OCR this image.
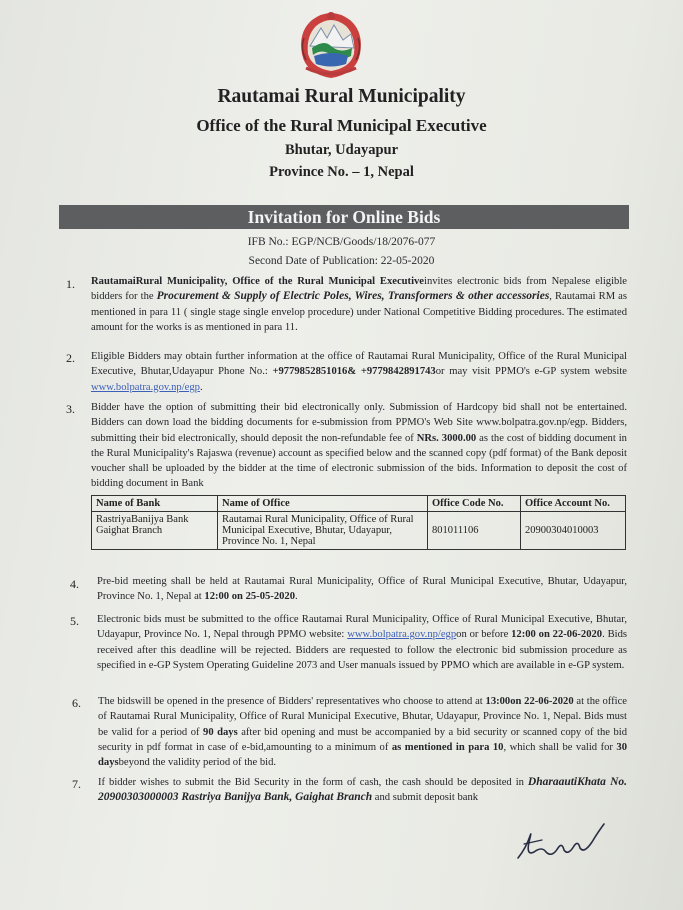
Rautamai Rural Municipality
Office of the Rural Municipal Executive
Bhutar, Udayapur
Province No. – 1, Nepal
Invitation for Online Bids
IFB No.: EGP/NCB/Goods/18/2076-077
Second Date of Publication: 22-05-2020
1. RautamaiRural Municipality, Office of the Rural Municipal Executiveinvites electronic bids from Nepalese eligible bidders for the Procurement & Supply of Electric Poles, Wires, Transformers & other accessories, Rautamai RM as mentioned in para 11 ( single stage single envelop procedure) under National Competitive Bidding procedures. The estimated amount for the works is as mentioned in para 11.
2. Eligible Bidders may obtain further information at the office of Rautamai Rural Municipality, Office of the Rural Municipal Executive, Bhutar,Udayapur Phone No.: +9779852851016& +9779842891743or may visit PPMO's e-GP system website www.bolpatra.gov.np/egp.
3. Bidder have the option of submitting their bid electronically only. Submission of Hardcopy bid shall not be entertained. Bidders can down load the bidding documents for e-submission from PPMO's Web Site www.bolpatra.gov.np/egp. Bidders, submitting their bid electronically, should deposit the non-refundable fee of NRs. 3000.00 as the cost of bidding document in the Rural Municipality's Rajaswa (revenue) account as specified below and the scanned copy (pdf format) of the Bank deposit voucher shall be uploaded by the bidder at the time of electronic submission of the bids. Information to deposit the cost of bidding document in Bank
Name of Bank	Name of Office	Office Code No.	Office Account No.
RastriyaBanijya Bank Gaighat Branch	Rautamai Rural Municipality, Office of Rural Municipal Executive, Bhutar, Udayapur, Province No. 1, Nepal	801011106	20900304010003
4. Pre-bid meeting shall be held at Rautamai Rural Municipality, Office of Rural Municipal Executive, Bhutar, Udayapur, Province No. 1, Nepal at 12:00 on 25-05-2020.
5. Electronic bids must be submitted to the office Rautamai Rural Municipality, Office of Rural Municipal Executive, Bhutar, Udayapur, Province No. 1, Nepal through PPMO website: www.bolpatra.gov.np/egpon or before 12:00 on 22-06-2020. Bids received after this deadline will be rejected. Bidders are requested to follow the electronic bid submission procedure as specified in e-GP System Operating Guideline 2073 and User manuals issued by PPMO which are available in e-GP system.
6. The bidswill be opened in the presence of Bidders' representatives who choose to attend at 13:00on 22-06-2020 at the office of Rautamai Rural Municipality, Office of Rural Municipal Executive, Bhutar, Udayapur, Province No. 1, Nepal. Bids must be valid for a period of 90 days after bid opening and must be accompanied by a bid security or scanned copy of the bid security in pdf format in case of e-bid,amounting to a minimum of as mentioned in para 10, which shall be valid for 30 daysbeyond the validity period of the bid.
7. If bidder wishes to submit the Bid Security in the form of cash, the cash should be deposited in DharaautiKhata No. 20900303000003 Rastriya Banijya Bank, Gaighat Branch and submit deposit bank
